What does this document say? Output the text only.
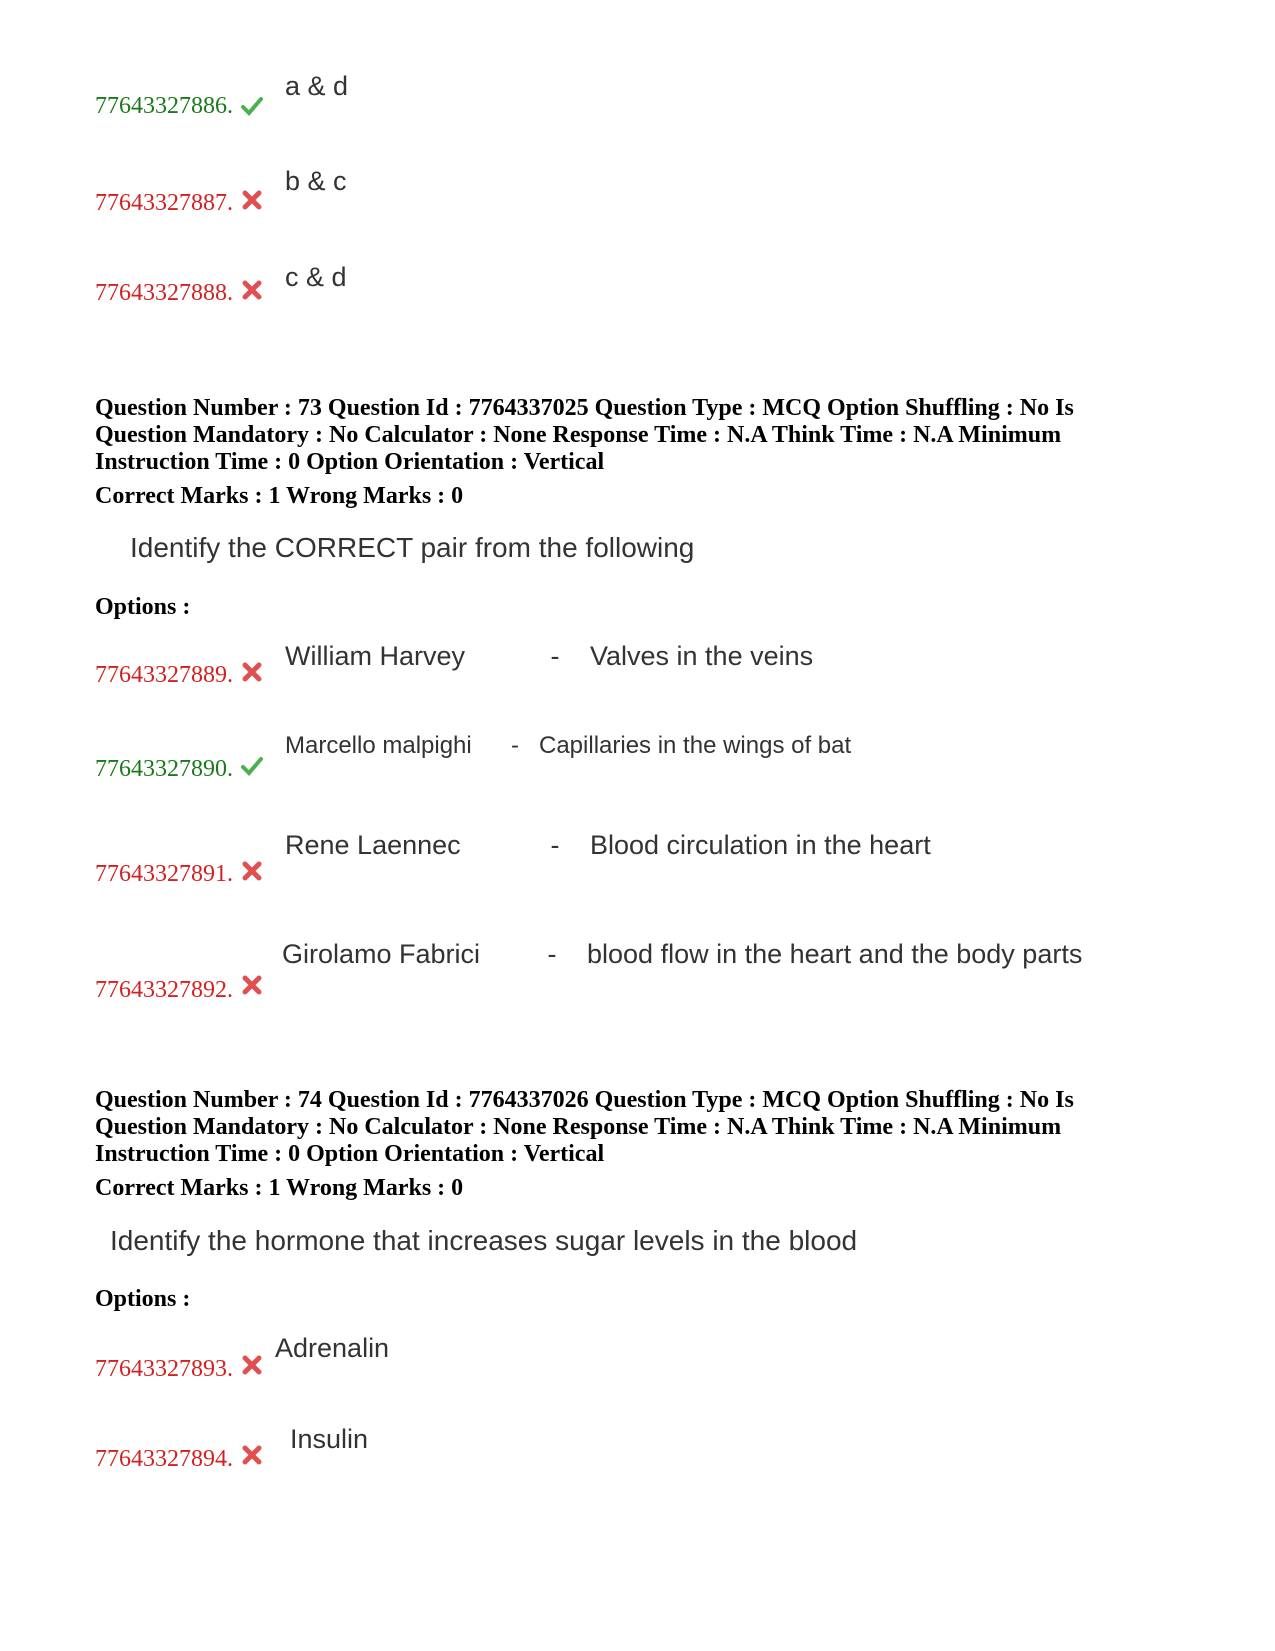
77643327886.
a & d
77643327887.
b & c
77643327888.
c & d
Question Number : 73 Question Id : 7764337025 Question Type : MCQ Option Shuffling : No Is Question Mandatory : No Calculator : None Response Time : N.A Think Time : N.A Minimum Instruction Time : 0 Option Orientation : Vertical
Correct Marks : 1 Wrong Marks : 0
Identify the CORRECT pair from the following
Options :
77643327889.
William Harvey	- Valves in the veins
77643327890.
Marcello malpighi - Capillaries in the wings of bat
77643327891.
Rene Laennec	- Blood circulation in the heart
77643327892.
Girolamo Fabrici - blood flow in the heart and the body parts
Question Number : 74 Question Id : 7764337026 Question Type : MCQ Option Shuffling : No Is Question Mandatory : No Calculator : None Response Time : N.A Think Time : N.A Minimum Instruction Time : 0 Option Orientation : Vertical
Correct Marks : 1 Wrong Marks : 0
Identify the hormone that increases sugar levels in the blood
Options :
77643327893.
Adrenalin
77643327894.
Insulin
